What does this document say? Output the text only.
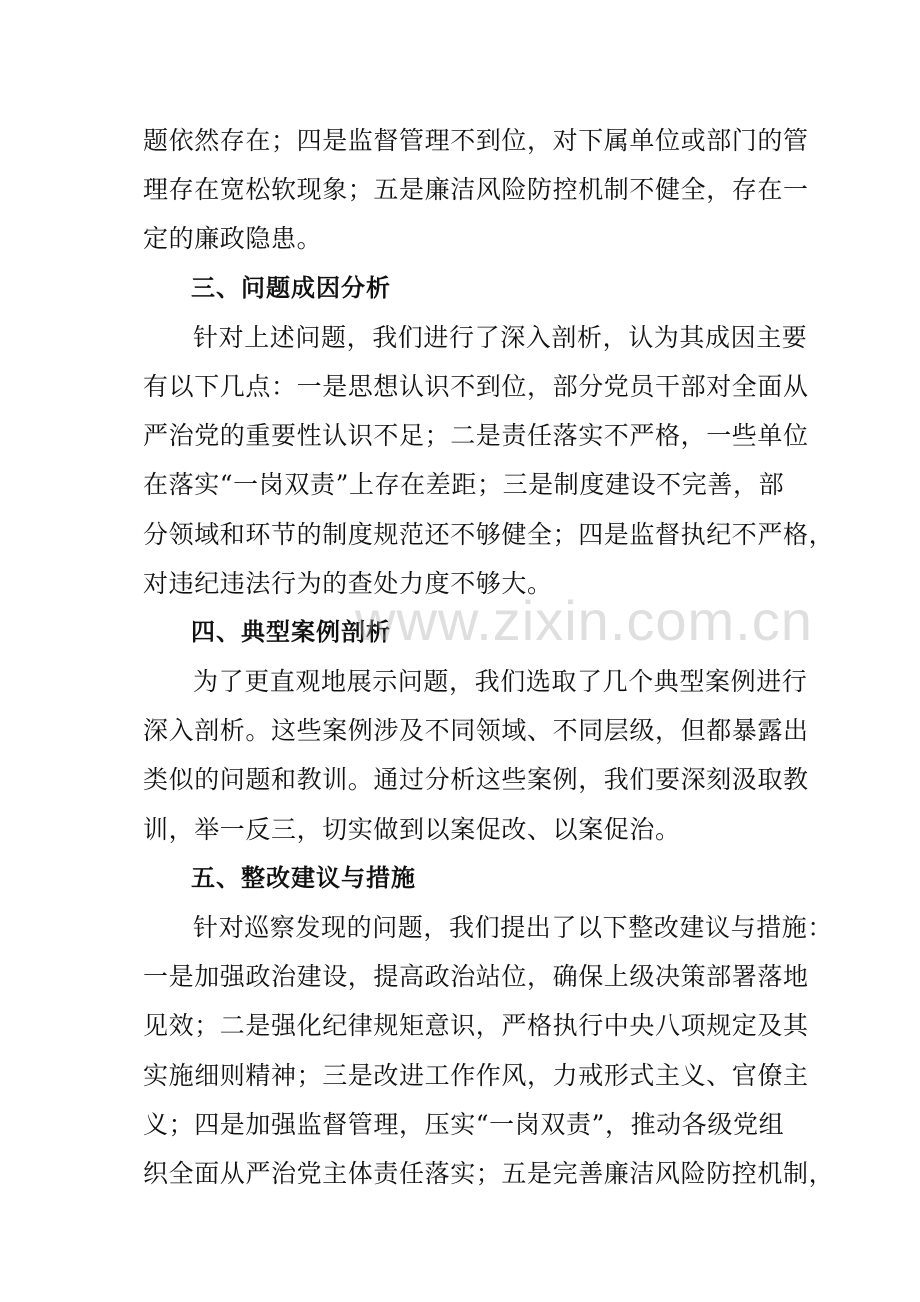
题依然存在；四是监督管理不到位，对下属单位或部门的管
理存在宽松软现象；五是廉洁风险防控机制不健全，存在一
定的廉政隐患。
三、问题成因分析
针对上述问题，我们进行了深入剖析，认为其成因主要
有以下几点：一是思想认识不到位，部分党员干部对全面从
严治党的重要性认识不足；二是责任落实不严格，一些单位
在落实“一岗双责”上存在差距；三是制度建设不完善，部
分领域和环节的制度规范还不够健全；四是监督执纪不严格，
对违纪违法行为的查处力度不够大。
四、典型案例剖析
为了更直观地展示问题，我们选取了几个典型案例进行
深入剖析。这些案例涉及不同领域、不同层级，但都暴露出
类似的问题和教训。通过分析这些案例，我们要深刻汲取教
训，举一反三，切实做到以案促改、以案促治。
五、整改建议与措施
针对巡察发现的问题，我们提出了以下整改建议与措施：
一是加强政治建设，提高政治站位，确保上级决策部署落地
见效；二是强化纪律规矩意识，严格执行中央八项规定及其
实施细则精神；三是改进工作作风，力戒形式主义、官僚主
义；四是加强监督管理，压实“一岗双责”，推动各级党组
织全面从严治党主体责任落实；五是完善廉洁风险防控机制，
www.zixin.com.cn
